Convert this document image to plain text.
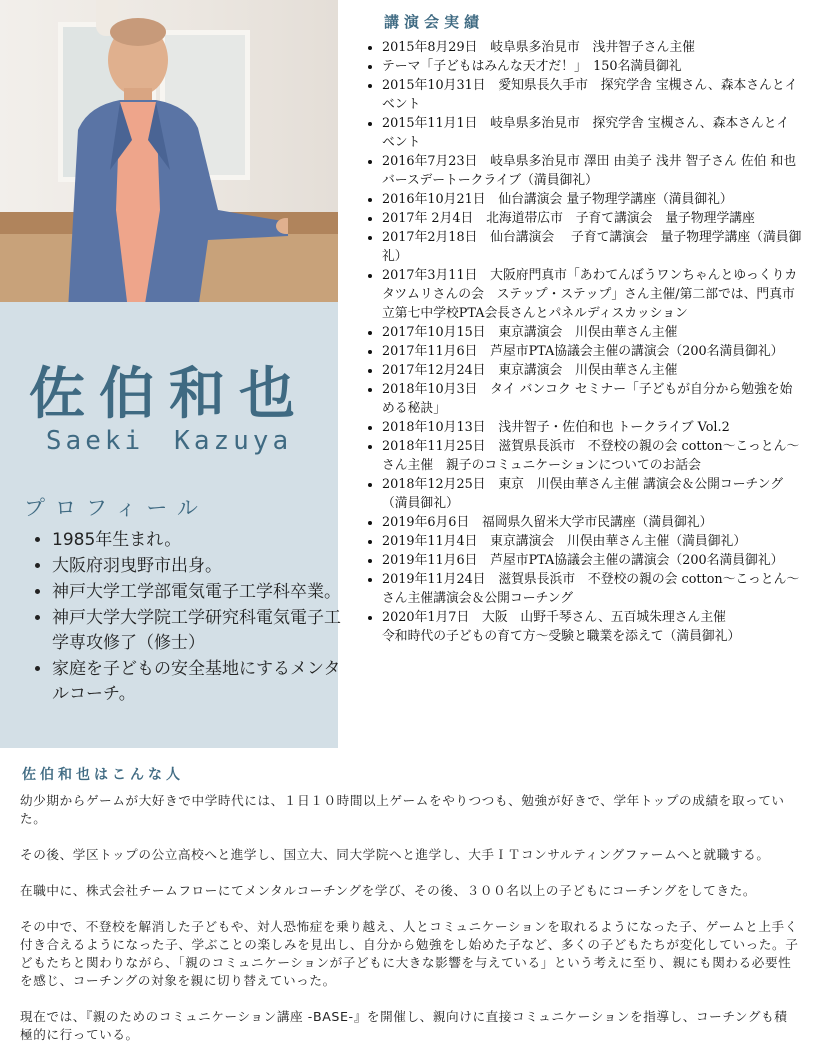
佐伯和也
Saeki　Kazuya
プロフィール
• 1985年生まれ。
• 大阪府羽曳野市出身。
• 神戸大学工学部電気電子工学科卒業。
• 神戸大学大学院工学研究科電気電子工学専攻修了（修士）
• 家庭を子どもの安全基地にするメンタルコーチ。
講演会実績
• 2015年8月29日　岐阜県多治見市　浅井智子さん主催
• テーマ「子どもはみんな天才だ！」　150名満員御礼
• 2015年10月31日　愛知県長久手市　探究学舎 宝槻さん、森本さんとイベント
• 2015年11月1日　岐阜県多治見市　探究学舎 宝槻さん、森本さんとイベント
• 2016年7月23日　岐阜県多治見市 澤田 由美子 浅井 智子さん 佐伯 和也　バースデートークライブ（満員御礼）
• 2016年10月21日　仙台講演会 量子物理学講座（満員御礼）
• 2017年 2月4日　北海道帯広市　子育て講演会　量子物理学講座
• 2017年2月18日　仙台講演会　 子育て講演会　量子物理学講座（満員御礼）
• 2017年3月11日　大阪府門真市「あわてんぼうワンちゃんとゆっくりカタツムリさんの会　ステップ・ステップ」さん主催/第二部では、門真市立第七中学校PTA会長さんとパネルディスカッション
• 2017年10月15日　東京講演会　川俣由華さん主催
• 2017年11月6日　芦屋市PTA協議会主催の講演会（200名満員御礼）
• 2017年12月24日　東京講演会　川俣由華さん主催
• 2018年10月3日　タイ バンコク セミナー「子どもが自分から勉強を始める秘訣」
• 2018年10月13日　浅井智子・佐伯和也 トークライブ Vol.2
• 2018年11月25日　滋賀県長浜市　不登校の親の会 cotton〜こっとん〜さん主催　親子のコミュニケーションについてのお話会
• 2018年12月25日　東京　川俣由華さん主催 講演会＆公開コーチング（満員御礼）
• 2019年6月6日　福岡県久留米大学市民講座（満員御礼）
• 2019年11月4日　東京講演会　川俣由華さん主催（満員御礼）
• 2019年11月6日　芦屋市PTA協議会主催の講演会（200名満員御礼）
• 2019年11月24日　滋賀県長浜市　不登校の親の会 cotton〜こっとん〜さん主催講演会＆公開コーチング
• 2020年1月7日　大阪　山野千琴さん、五百城朱理さん主催
令和時代の子どもの育て方〜受験と職業を添えて（満員御礼）
佐伯和也はこんな人

幼少期からゲームが大好きで中学時代には、１日１０時間以上ゲームをやりつつも、勉強が好きで、学年トップの成績を取っていた。

その後、学区トップの公立高校へと進学し、国立大、同大学院へと進学し、大手ＩＴコンサルティングファームへと就職する。

在職中に、株式会社チームフローにてメンタルコーチングを学び、その後、３００名以上の子どもにコーチングをしてきた。

その中で、不登校を解消した子どもや、対人恐怖症を乗り越え、人とコミュニケーションを取れるようになった子、ゲームと上手く付き合えるようになった子、学ぶことの楽しみを見出し、自分から勉強をし始めた子など、多くの子どもたちが変化していった。子どもたちと関わりながら、「親のコミュニケーションが子どもに大きな影響を与えている」という考えに至り、親にも関わる必要性を感じ、コーチングの対象を親に切り替えていった。

現在では、『親のためのコミュニケーション講座 -BASE-』を開催し、親向けに直接コミュニケーションを指導し、コーチングも積極的に行っている。
